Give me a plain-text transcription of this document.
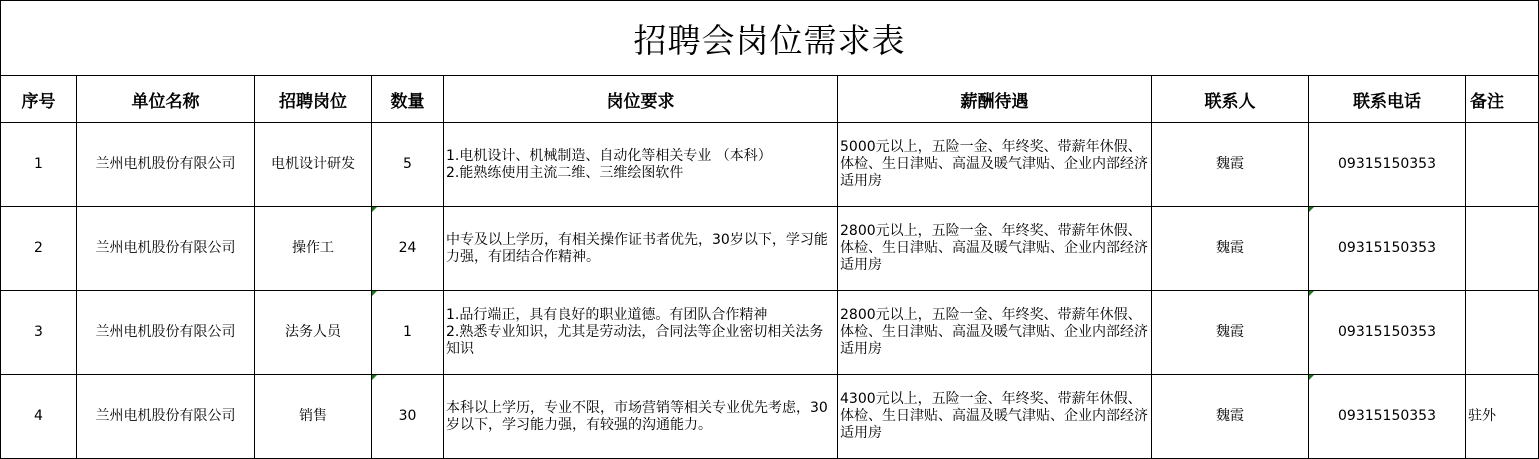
招聘会岗位需求表								
序号	单位名称	招聘岗位	数量	岗位要求	薪酬待遇	联系人	联系电话	备注
1	兰州电机股份有限公司	电机设计研发	5	1.电机设计、机械制造、自动化等相关专业 （本科）
2.能熟练使用主流二维、三维绘图软件	5000元以上，五险一金、年终奖、带薪年休假、体检、生日津贴、高温及暖气津贴、企业内部经济适用房	魏霞	09315150353	
2	兰州电机股份有限公司	操作工	24	中专及以上学历，有相关操作证书者优先，30岁以下，学习能力强，有团结合作精神。	2800元以上，五险一金、年终奖、带薪年休假、体检、生日津贴、高温及暖气津贴、企业内部经济适用房	魏霞	09315150353	
3	兰州电机股份有限公司	法务人员	1	1.品行端正，具有良好的职业道德。有团队合作精神
2.熟悉专业知识，尤其是劳动法，合同法等企业密切相关法务知识	2800元以上，五险一金、年终奖、带薪年休假、体检、生日津贴、高温及暖气津贴、企业内部经济适用房	魏霞	09315150353	
4	兰州电机股份有限公司	销售	30	本科以上学历，专业不限，市场营销等相关专业优先考虑，30岁以下，学习能力强，有较强的沟通能力。	4300元以上，五险一金、年终奖、带薪年休假、体检、生日津贴、高温及暖气津贴、企业内部经济适用房	魏霞	09315150353	驻外
